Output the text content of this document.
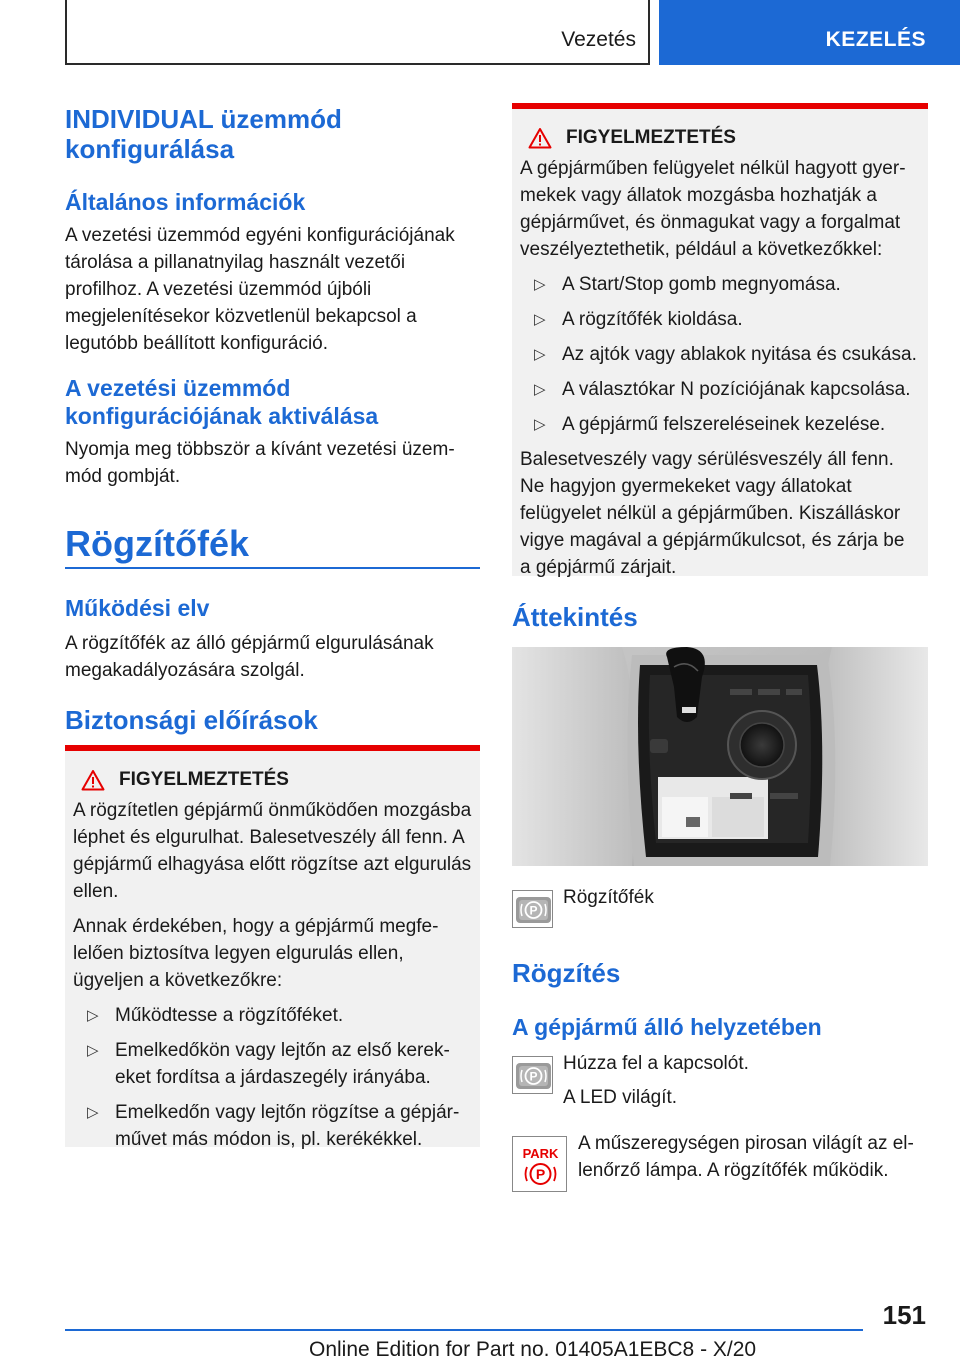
Vezetés	KEZELÉS
INDIVIDUAL üzemmód konfigurálása
Általános információk
A vezetési üzemmód egyéni konfigurációjának tárolása a pillanatnyilag használt vezetői profilhoz. A vezetési üzemmód újbóli megjelenítésekor közvetlenül bekapcsol a legutóbb beállított konfiguráció.
A vezetési üzemmód konfigurációjának aktiválása
Nyomja meg többször a kívánt vezetési üzemmód gombját.
Rögzítőfék
Működési elv
A rögzítőfék az álló gépjármű elgurulásának megakadályozására szolgál.
Biztonsági előírások
FIGYELMEZTETÉS

A rögzítetlen gépjármű önműködően mozgásba léphet és elgurulhat. Balesetveszély áll fenn. A gépjármű elhagyása előtt rögzítse azt elgurulás ellen.

Annak érdekében, hogy a gépjármű megfelelően biztosítva legyen elgurulás ellen, ügyeljen a következőkre:

▷ Működtesse a rögzítőféket.
▷ Emelkedőkön vagy lejtőn az első kerekeket fordítsa a járdaszegély irányába.
▷ Emelkedőn vagy lejtőn rögzítse a gépjárművet más módon is, pl. kerékékkel.
FIGYELMEZTETÉS

A gépjárműben felügyelet nélkül hagyott gyermekek vagy állatok mozgásba hozhatják a gépjárművet, és önmagukat vagy a forgalmat veszélyeztethetik, például a következőkkel:

▷ A Start/Stop gomb megnyomása.
▷ A rögzítőfék kioldása.
▷ Az ajtók vagy ablakok nyitása és csukása.
▷ A választókar N pozíciójának kapcsolása.
▷ A gépjármű felszereléseinek kezelése.

Balesetveszély vagy sérülésveszély áll fenn. Ne hagyjon gyermekeket vagy állatokat felügyelet nélkül a gépjárműben. Kiszálláskor vigye magával a gépjárműkulcsot, és zárja be a gépjármű zárjait.

Áttekintés
P
Rögzítőfék
Rögzítés
A gépjármű álló helyzetében
P
Húzza fel a kapcsolót.
A LED világít.
PARK
P
A műszeregységen pirosan világít az ellenőrző lámpa. A rögzítőfék működik.
151
Online Edition for Part no. 01405A1EBC8 - X/20
